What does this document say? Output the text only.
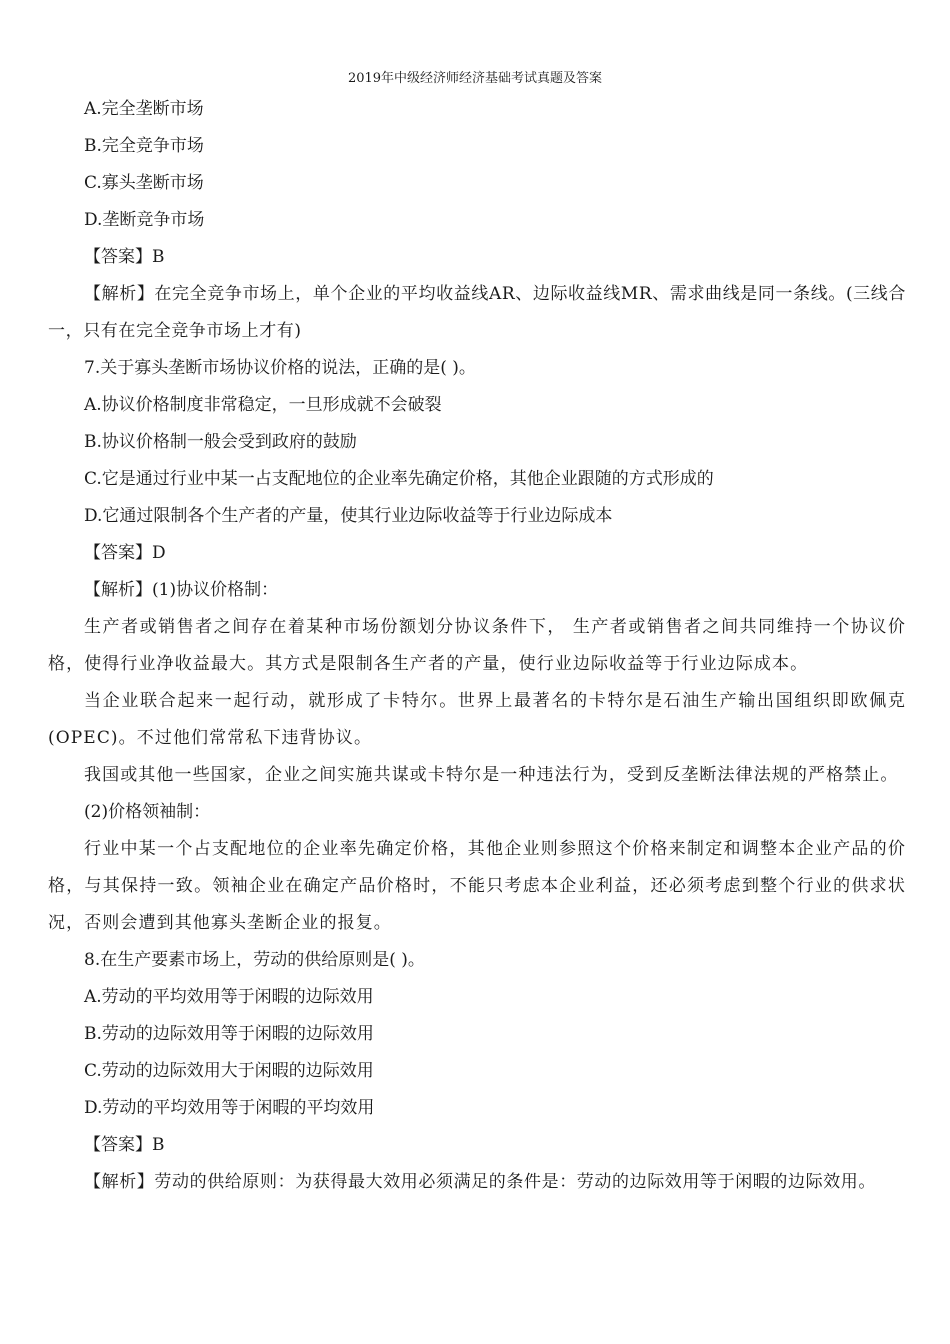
2019年中级经济师经济基础考试真题及答案
A.完全垄断市场
B.完全竞争市场
C.寡头垄断市场
D.垄断竞争市场
【答案】B
【解析】在完全竞争市场上，单个企业的平均收益线AR、边际收益线MR、需求曲线是同一条线。(三线合一，只有在完全竞争市场上才有)
7.关于寡头垄断市场协议价格的说法，正确的是( )。
A.协议价格制度非常稳定，一旦形成就不会破裂
B.协议价格制一般会受到政府的鼓励
C.它是通过行业中某一占支配地位的企业率先确定价格，其他企业跟随的方式形成的
D.它通过限制各个生产者的产量，使其行业边际收益等于行业边际成本
【答案】D
【解析】(1)协议价格制：
生产者或销售者之间存在着某种市场份额划分协议条件下， 生产者或销售者之间共同维持一个协议价格，使得行业净收益最大。其方式是限制各生产者的产量，使行业边际收益等于行业边际成本。
当企业联合起来一起行动，就形成了卡特尔。世界上最著名的卡特尔是石油生产输出国组织即欧佩克(OPEC)。不过他们常常私下违背协议。
我国或其他一些国家，企业之间实施共谋或卡特尔是一种违法行为，受到反垄断法律法规的严格禁止。
(2)价格领袖制：
行业中某一个占支配地位的企业率先确定价格，其他企业则参照这个价格来制定和调整本企业产品的价格，与其保持一致。领袖企业在确定产品价格时，不能只考虑本企业利益，还必须考虑到整个行业的供求状况，否则会遭到其他寡头垄断企业的报复。
8.在生产要素市场上，劳动的供给原则是( )。
A.劳动的平均效用等于闲暇的边际效用
B.劳动的边际效用等于闲暇的边际效用
C.劳动的边际效用大于闲暇的边际效用
D.劳动的平均效用等于闲暇的平均效用
【答案】B
【解析】劳动的供给原则：为获得最大效用必须满足的条件是：劳动的边际效用等于闲暇的边际效用。
